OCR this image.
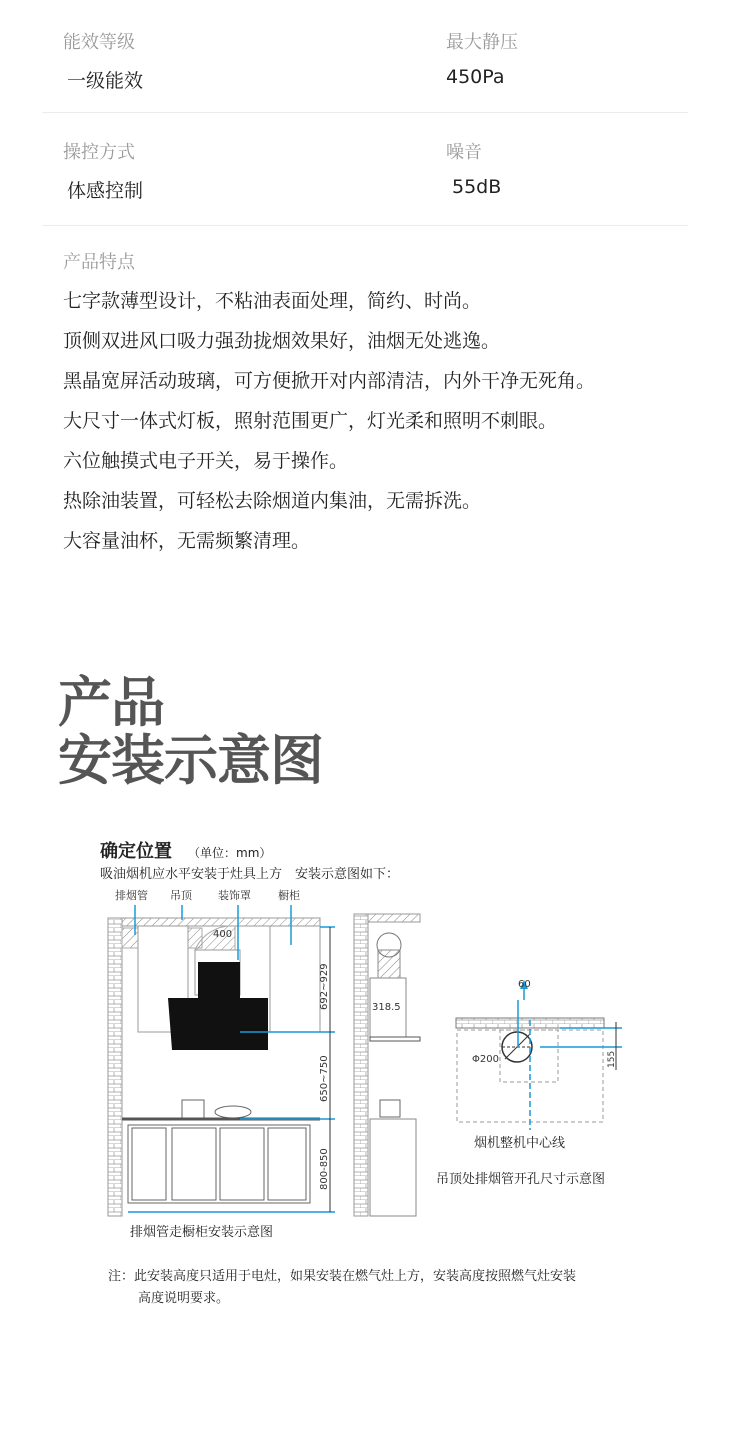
能效等级
一级能效
最大静压
450Pa
操控方式
体感控制
噪音
55dB
产品特点
七字款薄型设计，不粘油表面处理，简约、时尚。
顶侧双进风口吸力强劲拢烟效果好，油烟无处逃逸。
黑晶宽屏活动玻璃，可方便掀开对内部清洁，内外干净无死角。
大尺寸一体式灯板，照射范围更广，灯光柔和照明不刺眼。
六位触摸式电子开关，易于操作。
热除油装置，可轻松去除烟道内集油，无需拆洗。
大容量油杯，无需频繁清理。
产品
安装示意图
确定位置 （单位：mm）
吸油烟机应水平安装于灶具上方　安装示意图如下：
排烟管 吊顶 装饰罩 橱柜
400
692~929
650~750
800-850
排烟管走橱柜安装示意图
318.5
60
Φ200	155
烟机整机中心线
吊顶处排烟管开孔尺寸示意图
注：此安装高度只适用于电灶，如果安装在燃气灶上方，安装高度按照燃气灶安装
高度说明要求。
